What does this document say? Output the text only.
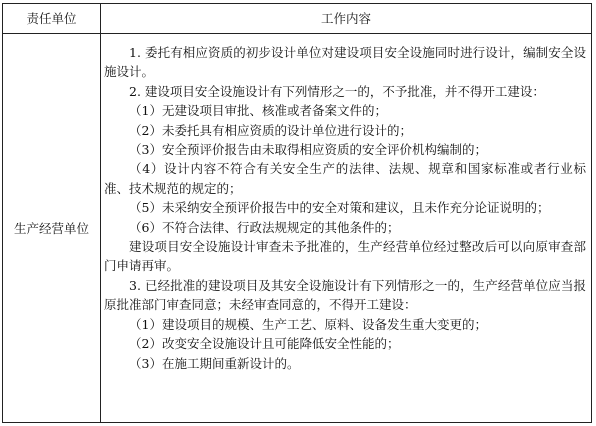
责任单位	工作内容
生产经营单位

1. 委托有相应资质的初步设计单位对建设项目安全设施同时进行设计，编制安全设施设计。

2. 建设项目安全设施设计有下列情形之一的，不予批准，并不得开工建设：

（1）无建设项目审批、核准或者备案文件的；

（2）未委托具有相应资质的设计单位进行设计的；

（3）安全预评价报告由未取得相应资质的安全评价机构编制的；

（4）设计内容不符合有关安全生产的法律、法规、规章和国家标准或者行业标准、技术规范的规定的；

（5）未采纳安全预评价报告中的安全对策和建议，且未作充分论证说明的；

（6）不符合法律、行政法规规定的其他条件的；

建设项目安全设施设计审查未予批准的，生产经营单位经过整改后可以向原审查部门申请再审。

3. 已经批准的建设项目及其安全设施设计有下列情形之一的，生产经营单位应当报原批准部门审查同意；未经审查同意的，不得开工建设：

（1）建设项目的规模、生产工艺、原料、设备发生重大变更的；

（2）改变安全设施设计且可能降低安全性能的；

（3）在施工期间重新设计的。
